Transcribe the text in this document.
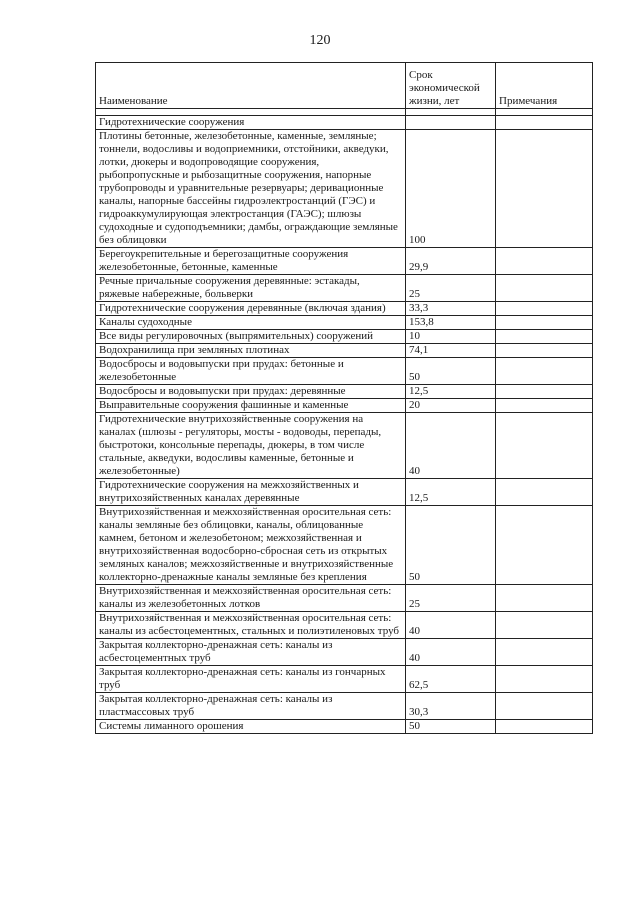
120
Наименование	Срок экономической жизни, лет	Примечания

Гидротехнические сооружения		
Плотины бетонные, железобетонные, каменные, земляные; тоннели, водосливы и водоприемники, отстойники, акведуки, лотки, дюкеры и водопроводящие сооружения, рыбопропускные и рыбозащитные сооружения, напорные трубопроводы и уравнительные резервуары; деривационные каналы, напорные бассейны гидроэлектростанций (ГЭС) и гидроаккумулирующая электростанция (ГАЭС); шлюзы судоходные и судоподъемники; дамбы, ограждающие земляные без облицовки	100	
Берегоукрепительные и берегозащитные сооружения железобетонные, бетонные, каменные	29,9	
Речные причальные сооружения деревянные: эстакады, ряжевые набережные, больверки	25	
Гидротехнические сооружения деревянные (включая здания)	33,3	
Каналы судоходные	153,8	
Все виды регулировочных (выпрямительных) сооружений	10	
Водохранилища при земляных плотинах	74,1	
Водосбросы и водовыпуски при прудах: бетонные и железобетонные	50	
Водосбросы и водовыпуски при прудах: деревянные	12,5	
Выправительные сооружения фашинные и каменные	20	
Гидротехнические внутрихозяйственные сооружения на каналах (шлюзы - регуляторы, мосты - водоводы, перепады, быстротоки, консольные перепады, дюкеры, в том числе стальные, акведуки, водосливы каменные, бетонные и железобетонные)	40	
Гидротехнические сооружения на межхозяйственных и внутрихозяйственных каналах деревянные	12,5	
Внутрихозяйственная и межхозяйственная оросительная сеть: каналы земляные без облицовки, каналы, облицованные камнем, бетоном и железобетоном; межхозяйственная и внутрихозяйственная водосборно-сбросная сеть из открытых земляных каналов; межхозяйственные и внутрихозяйственные коллекторно-дренажные каналы земляные без крепления	50	
Внутрихозяйственная и межхозяйственная оросительная сеть: каналы из железобетонных лотков	25	
Внутрихозяйственная и межхозяйственная оросительная сеть: каналы из асбестоцементных, стальных и полиэтиленовых труб	40	
Закрытая коллекторно-дренажная сеть: каналы из асбестоцементных труб	40	
Закрытая коллекторно-дренажная сеть: каналы из гончарных труб	62,5	
Закрытая коллекторно-дренажная сеть: каналы из пластмассовых труб	30,3	
Системы лиманного орошения	50	
